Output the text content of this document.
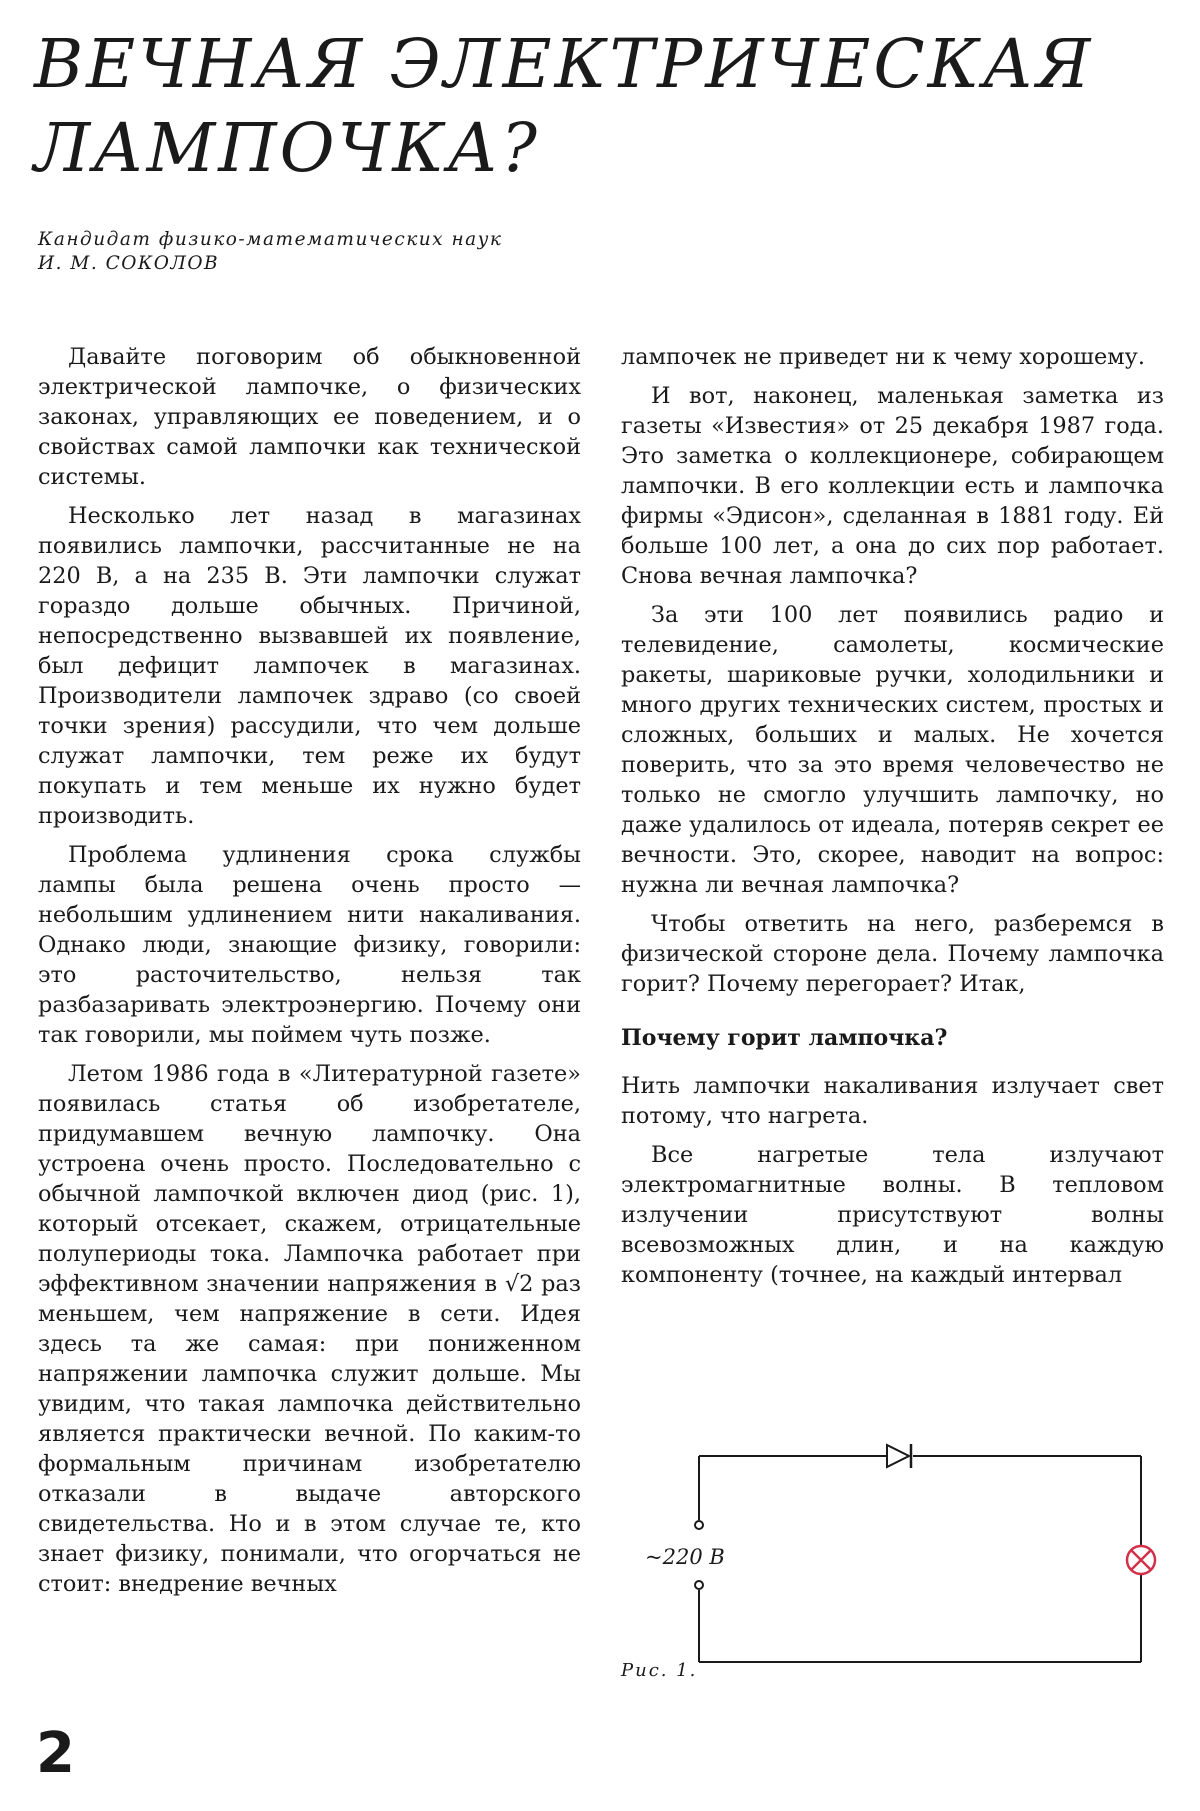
ВЕЧНАЯ ЭЛЕКТРИЧЕСКАЯ
ЛАМПОЧКА?
Кандидат физико-математических наук
И. М. СОКОЛОВ

Давайте поговорим об обыкновенной электрической лампочке, о физических законах, управляющих ее поведением, и о свойствах самой лампочки как технической системы.

Несколько лет назад в магазинах появились лампочки, рассчитанные не на 220 В, а на 235 В. Эти лампочки служат гораздо дольше обычных. Причиной, непосредственно вызвавшей их появление, был дефицит лампочек в магазинах. Производители лампочек здраво (со своей точки зрения) рассудили, что чем дольше служат лампочки, тем реже их будут покупать и тем меньше их нужно будет производить.

Проблема удлинения срока службы лампы была решена очень просто — небольшим удлинением нити накаливания. Однако люди, знающие физику, говорили: это расточительство, нельзя так разбазаривать электроэнергию. Почему они так говорили, мы поймем чуть позже.

Летом 1986 года в «Литературной газете» появилась статья об изобретателе, придумавшем вечную лампочку. Она устроена очень просто. Последовательно с обычной лампочкой включен диод (рис. 1), который отсекает, скажем, отрицательные полупериоды тока. Лампочка работает при эффективном значении напряжения в √2 раз меньшем, чем напряжение в сети. Идея здесь та же самая: при пониженном напряжении лампочка служит дольше. Мы увидим, что такая лампочка действительно является практически вечной. По каким-то формальным причинам изобретателю отказали в выдаче авторского свидетельства. Но и в этом случае те, кто знает физику, понимали, что огорчаться не стоит: внедрение вечных

лампочек не приведет ни к чему хорошему.

И вот, наконец, маленькая заметка из газеты «Известия» от 25 декабря 1987 года. Это заметка о коллекционере, собирающем лампочки. В его коллекции есть и лампочка фирмы «Эдисон», сделанная в 1881 году. Ей больше 100 лет, а она до сих пор работает. Снова вечная лампочка?

За эти 100 лет появились радио и телевидение, самолеты, космические ракеты, шариковые ручки, холодильники и много других технических систем, простых и сложных, больших и малых. Не хочется поверить, что за это время человечество не только не смогло улучшить лампочку, но даже удалилось от идеала, потеряв секрет ее вечности. Это, скорее, наводит на вопрос: нужна ли вечная лампочка?

Чтобы ответить на него, разберемся в физической стороне дела. Почему лампочка горит? Почему перегорает? Итак,

Почему горит лампочка?

Нить лампочки накаливания излучает свет потому, что нагрета.

Все нагретые тела излучают электромагнитные волны. В тепловом излучении присутствуют волны всевозможных длин, и на каждую компоненту (точнее, на каждый интервал

~220 В
Рис. 1.
2
